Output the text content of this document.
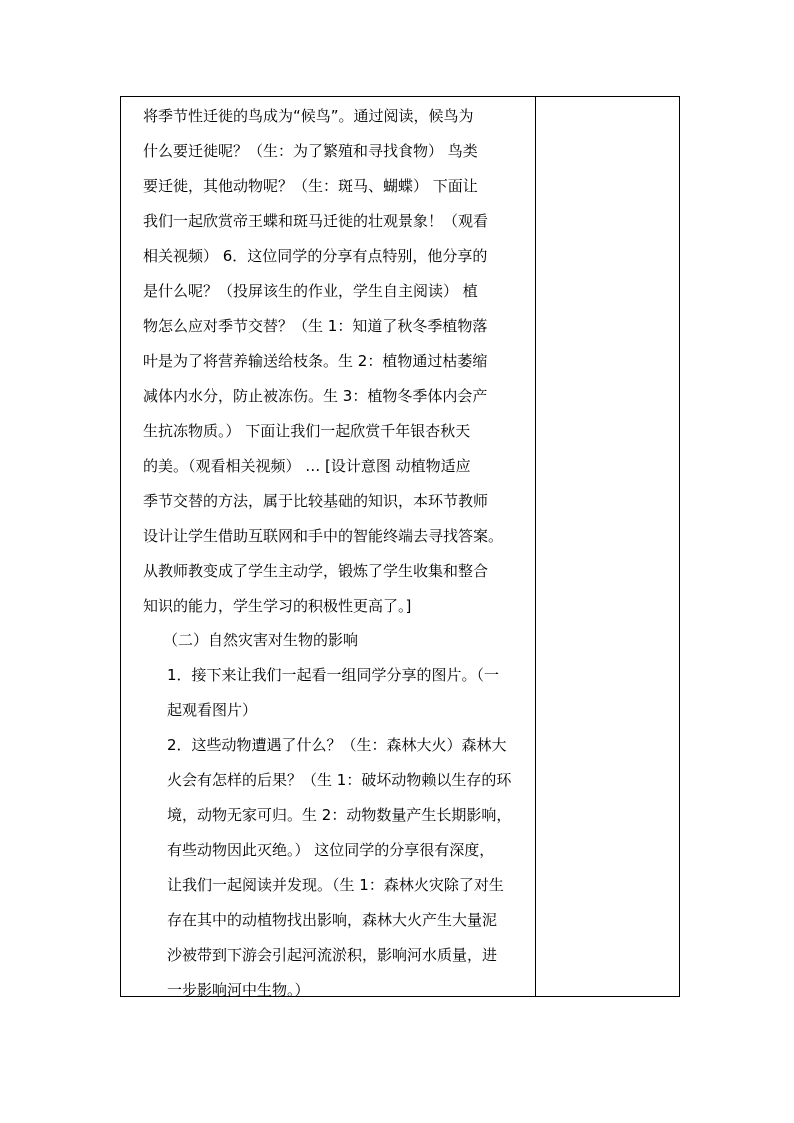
将季节性迁徙的鸟成为“候鸟”。通过阅读，候鸟为
什么要迁徙呢？（生：为了繁殖和寻找食物） 鸟类
要迁徙，其他动物呢？（生：斑马、蝴蝶） 下面让
我们一起欣赏帝王蝶和斑马迁徙的壮观景象！（观看
相关视频） 6．这位同学的分享有点特别，他分享的
是什么呢？（投屏该生的作业，学生自主阅读） 植
物怎么应对季节交替？（生 1：知道了秋冬季植物落
叶是为了将营养输送给枝条。生 2：植物通过枯萎缩
减体内水分，防止被冻伤。生 3：植物冬季体内会产
生抗冻物质。） 下面让我们一起欣赏千年银杏秋天
的美。（观看相关视频） … [设计意图 动植物适应
季节交替的方法，属于比较基础的知识，本环节教师
设计让学生借助互联网和手中的智能终端去寻找答案。
从教师教变成了学生主动学，锻炼了学生收集和整合
知识的能力，学生学习的积极性更高了。]
（二）自然灾害对生物的影响
1．接下来让我们一起看一组同学分享的图片。（一
起观看图片）
2．这些动物遭遇了什么？（生：森林大火）森林大
火会有怎样的后果？（生 1：破坏动物赖以生存的环
境，动物无家可归。生 2：动物数量产生长期影响，
有些动物因此灭绝。） 这位同学的分享很有深度，
让我们一起阅读并发现。（生 1：森林火灾除了对生
存在其中的动植物找出影响，森林大火产生大量泥
沙被带到下游会引起河流淤积，影响河水质量，进
一步影响河中生物。）
